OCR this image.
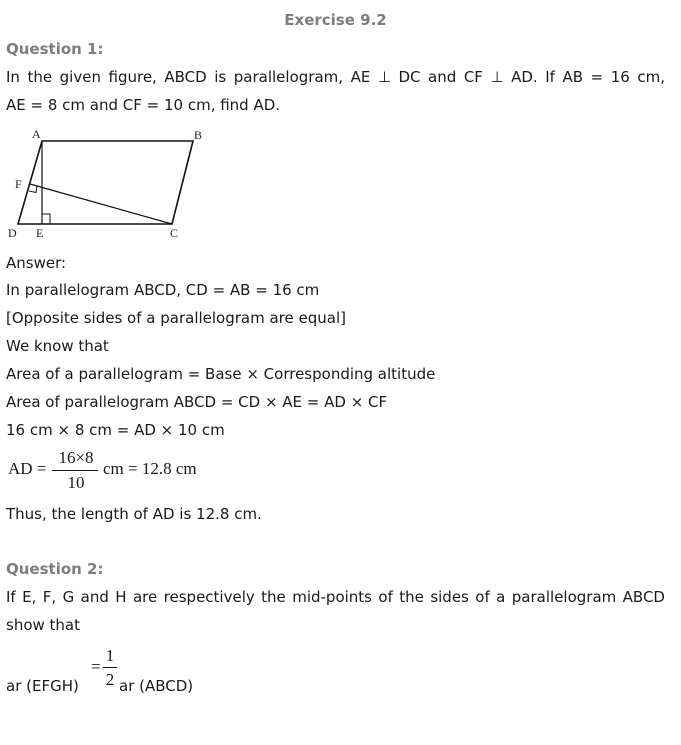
Exercise 9.2
Question 1:
In the given figure, ABCD is parallelogram, AE ⊥ DC and CF ⊥ AD. If AB = 16 cm,
AE = 8 cm and CF = 10 cm, find AD.
A	B
C
D E
F
Answer:
In parallelogram ABCD, CD = AB = 16 cm
[Opposite sides of a parallelogram are equal]
We know that
Area of a parallelogram = Base × Corresponding altitude
Area of parallelogram ABCD = CD × AE = AD × CF
16 cm × 8 cm = AD × 10 cm
AD =
16×8
10
cm = 12.8 cm
Thus, the length of AD is 12.8 cm.
Question 2:
If E, F, G and H are respectively the mid-points of the sides of a parallelogram ABCD
show that
ar (EFGH)
=
1
2 ar (ABCD)
